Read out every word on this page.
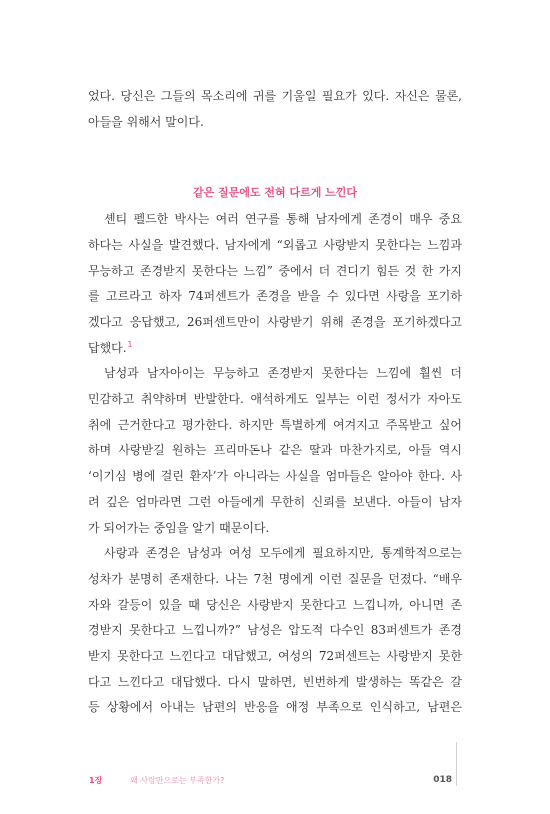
었다. 당신은 그들의 목소리에 귀를 기울일 필요가 있다. 자신은 물론,
아들을 위해서 말이다.
같은 질문에도 전혀 다르게 느낀다
셴티 펠드한 박사는 여러 연구를 통해 남자에게 존경이 매우 중요
하다는 사실을 발견했다. 남자에게 “외롭고 사랑받지 못한다는 느낌과
무능하고 존경받지 못한다는 느낌” 중에서 더 견디기 힘든 것 한 가지
를 고르라고 하자 74퍼센트가 존경을 받을 수 있다면 사랑을 포기하
겠다고 응답했고, 26퍼센트만이 사랑받기 위해 존경을 포기하겠다고
답했다.$^1$
남성과 남자아이는 무능하고 존경받지 못한다는 느낌에 훨씬 더
민감하고 취약하며 반발한다. 애석하게도 일부는 이런 정서가 자아도
취에 근거한다고 평가한다. 하지만 특별하게 여겨지고 주목받고 싶어
하며 사랑받길 원하는 프리마돈나 같은 딸과 마찬가지로, 아들 역시
‘이기심 병에 걸린 환자’가 아니라는 사실을 엄마들은 알아야 한다. 사
려 깊은 엄마라면 그런 아들에게 무한히 신뢰를 보낸다. 아들이 남자
가 되어가는 중임을 알기 때문이다.
사랑과 존경은 남성과 여성 모두에게 필요하지만, 통계학적으로는
성차가 분명히 존재한다. 나는 7천 명에게 이런 질문을 던졌다. “배우
자와 갈등이 있을 때 당신은 사랑받지 못한다고 느낍니까, 아니면 존
경받지 못한다고 느낍니까?” 남성은 압도적 다수인 83퍼센트가 존경
받지 못한다고 느낀다고 대답했고, 여성의 72퍼센트는 사랑받지 못한
다고 느낀다고 대답했다. 다시 말하면, 빈번하게 발생하는 똑같은 갈
등 상황에서 아내는 남편의 반응을 애정 부족으로 인식하고, 남편은
1장	왜 사랑만으로는 부족한가?	018
